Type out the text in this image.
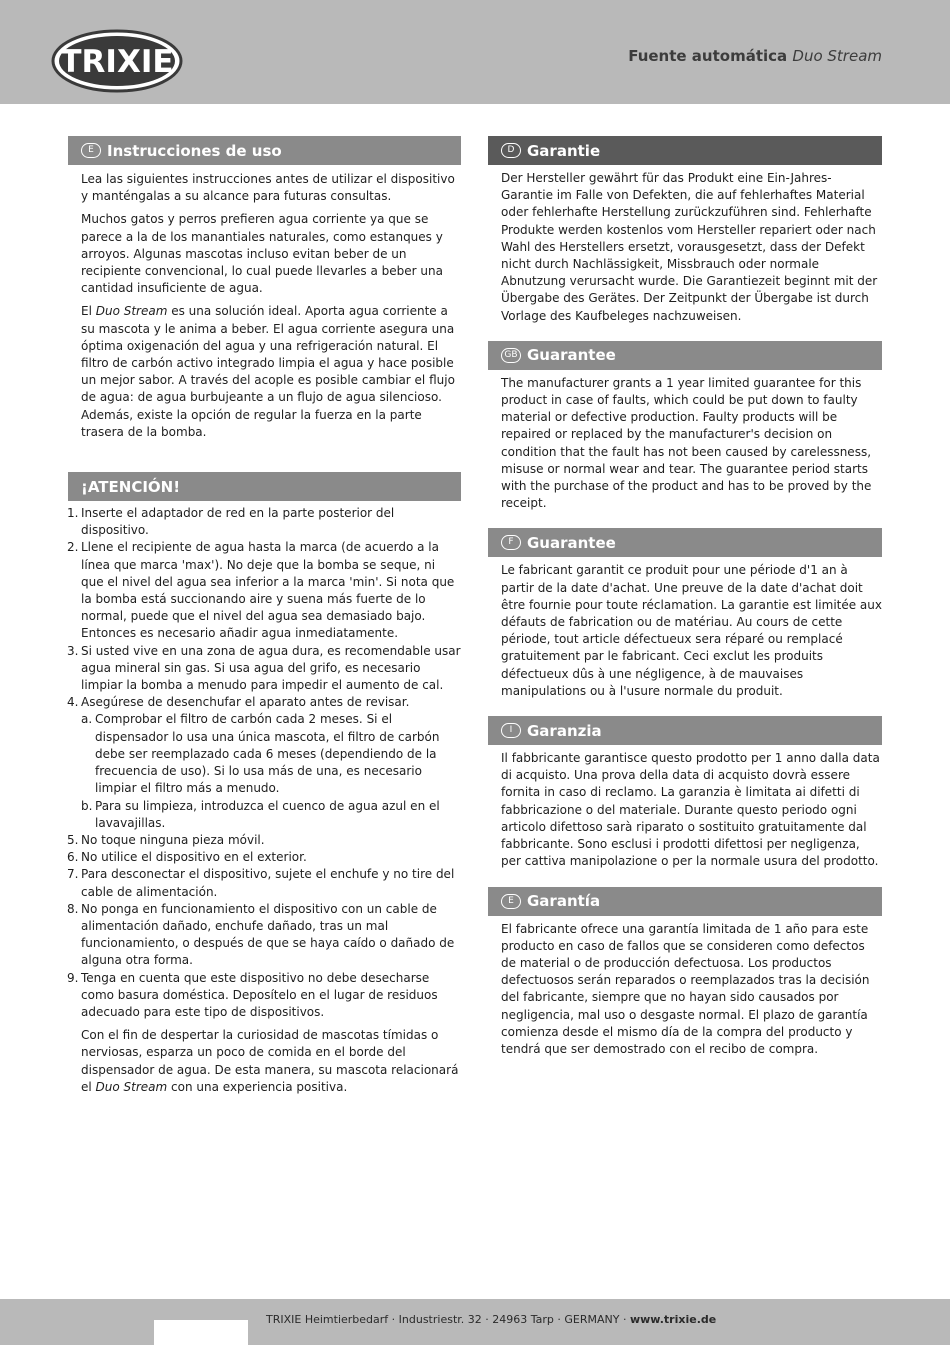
TRIXIE	Fuente automática Duo Stream
E Instrucciones de uso

Lea las siguientes instrucciones antes de utilizar el dispositivo y manténgalas a su alcance para futuras consultas.

Muchos gatos y perros prefieren agua corriente ya que se parece a la de los manantiales naturales, como estanques y arroyos. Algunas mascotas incluso evitan beber de un recipiente convencional, lo cual puede llevarles a beber una cantidad insuficiente de agua.

El Duo Stream es una solución ideal. Aporta agua corriente a su mascota y le anima a beber. El agua corriente asegura una óptima oxigenación del agua y una refrigeración natural. El filtro de carbón activo integrado limpia el agua y hace posible un mejor sabor. A través del acople es posible cambiar el flujo de agua: de agua burbujeante a un flujo de agua silencioso. Además, existe la opción de regular la fuerza en la parte trasera de la bomba.

¡ATENCIÓN!
1. Inserte el adaptador de red en la parte posterior del dispositivo.
2. Llene el recipiente de agua hasta la marca (de acuerdo a la línea que marca 'max'). No deje que la bomba se seque, ni que el nivel del agua sea inferior a la marca 'min'. Si nota que la bomba está succionando aire y suena más fuerte de lo normal, puede que el nivel del agua sea demasiado bajo. Entonces es necesario añadir agua inmediatamente.
3. Si usted vive en una zona de agua dura, es recomendable usar agua mineral sin gas. Si usa agua del grifo, es necesario limpiar la bomba a menudo para impedir el aumento de cal.
4. Asegúrese de desenchufar el aparato antes de revisar.
a. Comprobar el filtro de carbón cada 2 meses. Si el dispensador lo usa una única mascota, el filtro de carbón debe ser reemplazado cada 6 meses (dependiendo de la frecuencia de uso). Si lo usa más de una, es necesario limpiar el filtro más a menudo.
b. Para su limpieza, introduzca el cuenco de agua azul en el lavavajillas.
5. No toque ninguna pieza móvil.
6. No utilice el dispositivo en el exterior.
7. Para desconectar el dispositivo, sujete el enchufe y no tire del cable de alimentación.
8. No ponga en funcionamiento el dispositivo con un cable de alimentación dañado, enchufe dañado, tras un mal funcionamiento, o después de que se haya caído o dañado de alguna otra forma.
9. Tenga en cuenta que este dispositivo no debe desecharse como basura doméstica. Deposítelo en el lugar de residuos adecuado para este tipo de dispositivos.

Con el fin de despertar la curiosidad de mascotas tímidas o nerviosas, esparza un poco de comida en el borde del dispensador de agua. De esta manera, su mascota relacionará el Duo Stream con una experiencia positiva.

D Garantie

Der Hersteller gewährt für das Produkt eine Ein-Jahres-Garantie im Falle von Defekten, die auf fehlerhaftes Material oder fehlerhafte Herstellung zurückzuführen sind. Fehlerhafte Produkte werden kostenlos vom Hersteller repariert oder nach Wahl des Herstellers ersetzt, vorausgesetzt, dass der Defekt nicht durch Nachlässigkeit, Missbrauch oder normale Abnutzung verursacht wurde. Die Garantiezeit beginnt mit der Übergabe des Gerätes. Der Zeitpunkt der Übergabe ist durch Vorlage des Kaufbeleges nachzuweisen.

GB Guarantee

The manufacturer grants a 1 year limited guarantee for this product in case of faults, which could be put down to faulty material or defective production. Faulty products will be repaired or replaced by the manufacturer's decision on condition that the fault has not been caused by carelessness, misuse or normal wear and tear. The guarantee period starts with the purchase of the product and has to be proved by the receipt.

F Guarantee

Le fabricant garantit ce produit pour une période d'1 an à partir de la date d'achat. Une preuve de la date d'achat doit être fournie pour toute réclamation. La garantie est limitée aux défauts de fabrication ou de matériau. Au cours de cette période, tout article défectueux sera réparé ou remplacé gratuitement par le fabricant. Ceci exclut les produits défectueux dûs à une négligence, à de mauvaises manipulations ou à l'usure normale du produit.

I Garanzia

Il fabbricante garantisce questo prodotto per 1 anno dalla data di acquisto. Una prova della data di acquisto dovrà essere fornita in caso di reclamo. La garanzia è limitata ai difetti di fabbricazione o del materiale. Durante questo periodo ogni articolo difettoso sarà riparato o sostituito gratuitamente dal fabbricante. Sono esclusi i prodotti difettosi per negligenza, per cattiva manipolazione o per la normale usura del prodotto.

E Garantía

El fabricante ofrece una garantía limitada de 1 año para este producto en caso de fallos que se consideren como defectos de material o de producción defectuosa. Los productos defectuosos serán reparados o reemplazados tras la decisión del fabricante, siempre que no hayan sido causados por negligencia, mal uso o desgaste normal. El plazo de garantía comienza desde el mismo día de la compra del producto y tendrá que ser demostrado con el recibo de compra.

TRIXIE Heimtierbedarf · Industriestr. 32 · 24963 Tarp · GERMANY · www.trixie.de
